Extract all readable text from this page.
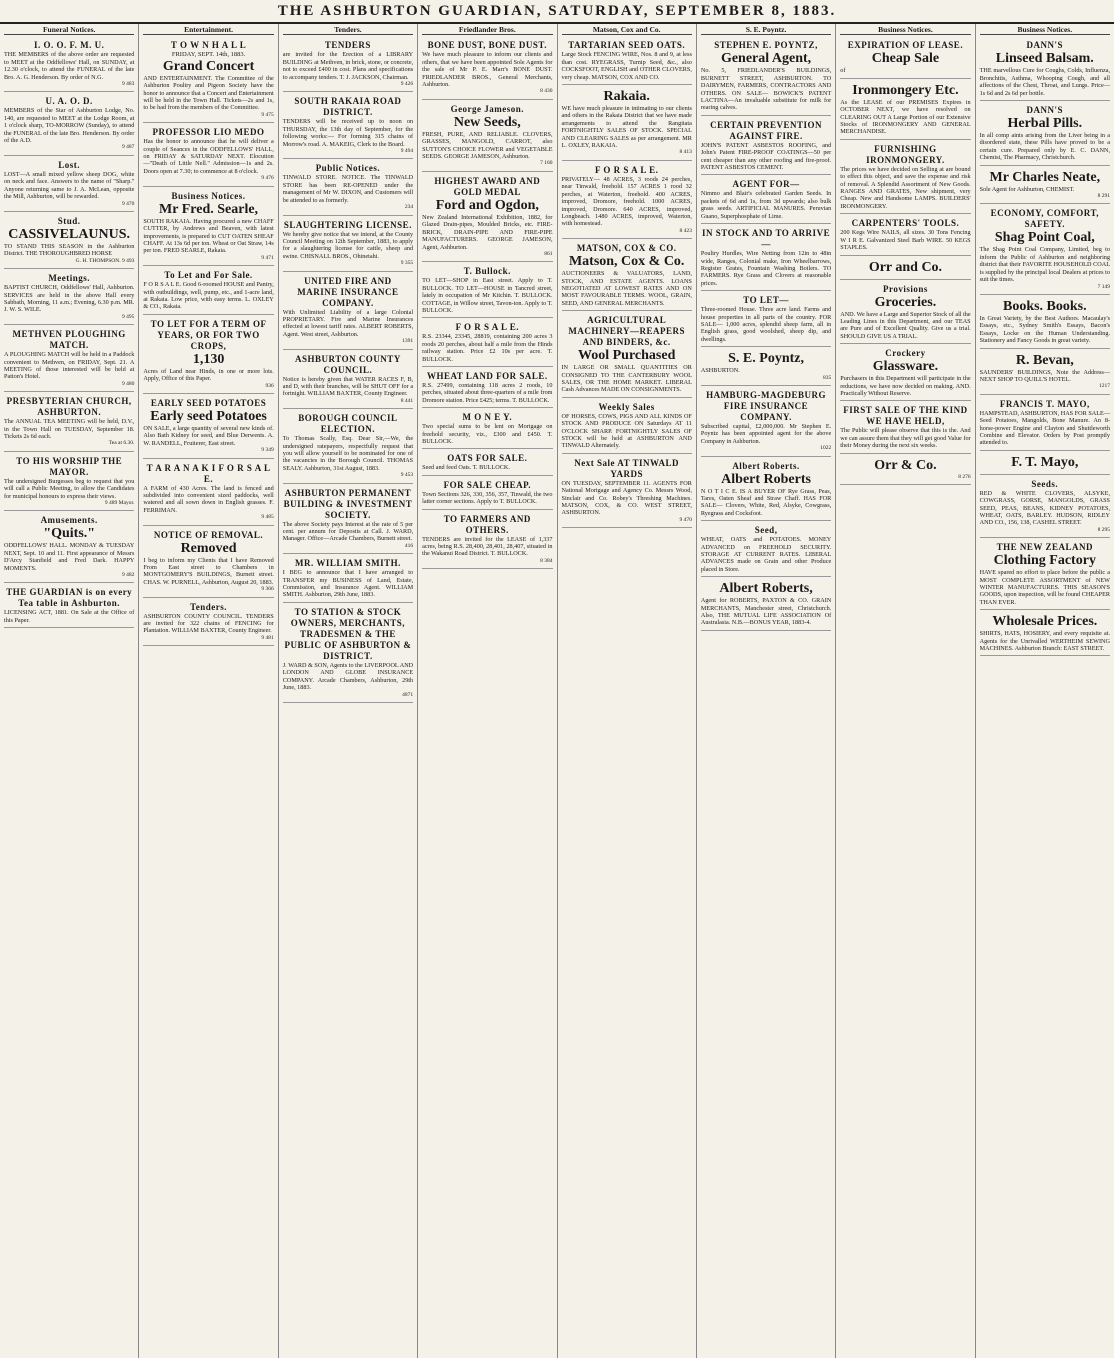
THE ASHBURTON GUARDIAN, SATURDAY, SEPTEMBER 8, 1883.
Funeral Notices.
I. O. O. F. M. U.
THE MEMBERS of the above order are requested to MEET at the Oddfellows' Hall, on SUNDAY, at 12.30 o'clock, to attend the FUNERAL of the late Bro. A. G. Henderson. By order of N.G.
9 483
U. A. O. D.
MEMBERS of the Star of Ashburton Lodge, No. 140, are requested to MEET at the Lodge Room, at 1 o'clock sharp, TO-MORROW (Sunday), to attend the FUNERAL of the late Bro. Henderson. By order of the A.D.
9 487
Lost.
LOST—A small mixed yellow sheep DOG, white on neck and face. Answers to the name of "Sharp." Anyone returning same to J. A. McLean, opposite the Mill, Ashburton, will be rewarded.
9 470
Stud.
CASSIVELAUNUS.
TO STAND THIS SEASON in the Ashburton District. THE THOROUGHBRED HORSE
G. H. THOMPSON. 9 493
Meetings.
BAPTIST CHURCH, Oddfellows' Hall, Ashburton. SERVICES are held in the above Hall every Sabbath, Morning, 11 a.m.; Evening, 6.30 p.m. MR. J. W. S. WILE.
9 495
METHVEN PLOUGHING MATCH.
A PLOUGHING MATCH will be held in a Paddock convenient to Methven, on FRIDAY, Sept. 21. A MEETING of those interested will be held at Patton's Hotel.
9 480
PRESBYTERIAN CHURCH, ASHBURTON.
The ANNUAL TEA MEETING will be held, D.V., in the Town Hall on TUESDAY, September 18. Tickets 2s 6d each.
Tea at 6.30.
TO HIS WORSHIP THE MAYOR.
The undersigned Burgesses beg to request that you will call a Public Meeting, to allow the Candidates for municipal honours to express their views.
9 489 Mayor.
Amusements.
"Quits."
ODDFELLOWS' HALL. MONDAY & TUESDAY NEXT, Sept. 10 and 11. First appearance of Messrs D'Arcy Stanfield and Fred Dark. HAPPY MOMENTS.
9 482
THE GUARDIAN is on every Tea table in Ashburton.
LICENSING ACT, 1881. On Sale at the Office of this Paper.
Entertainment.
T O W N H A L L
FRIDAY, SEPT. 14th, 1883.
Grand Concert
AND ENTERTAINMENT. The Committee of the Ashburton Poultry and Pigeon Society have the honor to announce that a Concert and Entertainment will be held in the Town Hall. Tickets—2s and 1s, to be had from the members of the Committee.
9 475
PROFESSOR LIO MEDO
Has the honor to announce that he will deliver a couple of Seances in the ODDFELLOWS' HALL, on FRIDAY & SATURDAY NEXT. Elocution—"Death of Little Nell." Admission—1s and 2s. Doors open at 7.30; to commence at 8 o'clock.
9 476
Business Notices.
Mr Fred. Searle,
SOUTH RAKAIA. Having procured a new CHAFF CUTTER, by Andrews and Beaven, with latest improvements, is prepared to CUT OATEN SHEAF CHAFF. At 13s 6d per ton. Wheat or Oat Straw, 14s per ton. FRED SEARLE, Rakaia.
9 471
To Let and For Sale.
F O R S A L E. Good 6-roomed HOUSE and Pantry, with outbuildings, well, pump, etc., and 1-acre land, at Rakaia. Low price, with easy terms. L. OXLEY & CO., Rakaia.
TO LET FOR A TERM OF YEARS, OR FOR TWO CROPS,
1,130
Acres of Land near Hinds, in one or more lots. Apply, Office of this Paper.
936
EARLY SEED POTATOES
Early seed Potatoes
ON SALE, a large quantity of several new kinds of. Also Bath Kidney for seed, and Blue Derwents. A. W. RANDELL, Fruiterer, East street.
9 349
T A R A N A K I F O R S A L E.
A FARM of 430 Acres. The land is fenced and subdivided into convenient sized paddocks, well watered and all sown down in English grasses. F. FERRIMAN.
9 485
NOTICE OF REMOVAL.
Removed
I beg to inform my Clients that I have Removed From East street to Chambers in MONTGOMERY'S BUILDINGS, Burnett street. CHAS. W. PURNELL, Ashburton, August 20, 1883.
9 366
Tenders.
ASHBURTON COUNTY COUNCIL. TENDERS are invited for 322 chains of FENCING for Plantation. WILLIAM BAXTER, County Engineer.
9 481
Tenders.
TENDERS
are invited for the Erection of a LIBRARY BUILDING at Methven, in brick, stone, or concrete, not to exceed £400 in cost. Plans and specifications to accompany tenders. T. J. JACKSON, Chairman.
9 426
SOUTH RAKAIA ROAD DISTRICT.
TENDERS will be received up to noon on THURSDAY, the 13th day of September, for the following works:— For forming 315 chains of Morrow's road. A. MAKEIG, Clerk to the Board.
9 494
Public Notices.
TINWALD STORE. NOTICE. The TINWALD STORE has been RE-OPENED under the management of Mr W. DIXON, and Customers will be attended to as formerly.
234
SLAUGHTERING LICENSE.
We hereby give notice that we intend, at the County Council Meeting on 12th September, 1883, to apply for a slaughtering license for cattle, sheep and swine. CHISNALL BROS., Ohinetahi.
9 355
UNITED FIRE AND MARINE INSURANCE COMPANY.
With Unlimited Liability of a large Colonial PROPRIETARY. Fire and Marine Insurances effected at lowest tariff rates. ALBERT ROBERTS, Agent. West street, Ashburton.
1391
ASHBURTON COUNTY COUNCIL.
Notice is hereby given that WATER RACES F, B, and D, with their branches, will be SHUT OFF for a fortnight. WILLIAM BAXTER, County Engineer.
8 441
BOROUGH COUNCIL ELECTION.
To Thomas Scally, Esq. Dear Sir,—We, the undersigned ratepayers, respectfully request that you will allow yourself to be nominated for one of the vacancies in the Borough Council. THOMAS SEALY. Ashburton, 31st August, 1883.
9 453
ASHBURTON PERMANENT BUILDING & INVESTMENT SOCIETY.
The above Society pays Interest at the rate of 5 per cent. per annum for Deposits at Call. J. WARD, Manager. Office—Arcade Chambers, Burnett street.
416
MR. WILLIAM SMITH.
I BEG to announce that I have arranged to TRANSFER my BUSINESS of Land, Estate, Commission, and Insurance Agent. WILLIAM SMITH. Ashburton, 29th June, 1883.
TO STATION & STOCK OWNERS, MERCHANTS, TRADESMEN & THE PUBLIC OF ASHBURTON & DISTRICT.
J. WARD & SON, Agents to the LIVERPOOL AND LONDON AND GLOBE INSURANCE COMPANY. Arcade Chambers, Ashburton, 29th June, 1883.
4871
Friedlander Bros.
BONE DUST, BONE DUST.
We have much pleasure to inform our clients and others, that we have been appointed Sole Agents for the sale of Mr P. E. Marr's BONE DUST. FRIEDLANDER BROS., General Merchants, Ashburton.
8 430
George Jameson.
New Seeds,
FRESH, PURE, AND RELIABLE. CLOVERS, GRASSES, MANGOLD, CARROT, also SUTTON'S CHOICE FLOWER and VEGETABLE SEEDS. GEORGE JAMESON, Ashburton.
7 160
HIGHEST AWARD AND GOLD MEDAL
Ford and Ogdon,
New Zealand International Exhibition, 1882, for Glazed Drain-pipes, Moulded Bricks, etc. FIRE-BRICK, DRAIN-PIPE AND FIRE-PIPE MANUFACTURERS. GEORGE JAMESON, Agent, Ashburton.
861
T. Bullock.
TO LET—SHOP in East street. Apply to T. BULLOCK. TO LET—HOUSE in Tancred street, lately in occupation of Mr Kitchin. T. BULLOCK. COTTAGE, in Willow street, Tavon-ton. Apply to T. BULLOCK.
F O R S A L E.
R.S. 23344, 23345, 28819, containing 200 acres 3 roods 20 perches, about half a mile from the Hinds railway station. Price £2 10s per acre. T. BULLOCK.
WHEAT LAND FOR SALE.
R.S. 27499, containing 118 acres 2 roods, 10 perches, situated about three-quarters of a mile from Dromore station. Price £425; terms. T. BULLOCK.
M O N E Y.
Two special sums to be lent on Mortgage on freehold security, viz., £300 and £450. T. BULLOCK.
OATS FOR SALE.
Seed and feed Oats. T. BULLOCK.
FOR SALE CHEAP.
Town Sections 326, 330, 356, 357, Tinwald, the two latter corner sections. Apply to T. BULLOCK.
TO FARMERS AND OTHERS.
TENDERS are invited for the LEASE of 1,337 acres, being R.S. 28,400, 28,401, 28,407, situated in the Wakanui Road District. T. BULLOCK.
8 384
Matson, Cox and Co.
TARTARIAN SEED OATS.
Large Stock FENCING WIRE, Nos. 8 and 9, at less than cost. RYEGRASS, Turnip Seed, &c., also COCKSFOOT, ENGLISH and OTHER CLOVERS, very cheap. MATSON, COX AND CO.
Rakaia.
WE have much pleasure in intimating to our clients and others in the Rakaia District that we have made arrangements to attend the Rangitata FORTNIGHTLY SALES OF STOCK. SPECIAL AND CLEARING SALES as per arrangement. MR L. OXLEY, RAKAIA.
8 413
F O R S A L E.
PRIVATELY— 48 ACRES, 3 roods 24 perches, near Tinwald, freehold. 157 ACRES 1 rood 32 perches, at Waterton, freehold. 400 ACRES, improved, Dromore, freehold. 1000 ACRES, improved, Dromore. 640 ACRES, improved, Longbeach. 1480 ACRES, improved, Waterton, with homestead.
8 423
MATSON, COX & CO.
Matson, Cox & Co.
AUCTIONEERS & VALUATORS, LAND, STOCK, AND ESTATE AGENTS. LOANS NEGOTIATED AT LOWEST RATES AND ON MOST FAVOURABLE TERMS. WOOL, GRAIN, SEED, AND GENERAL MERCHANTS.
AGRICULTURAL MACHINERY—REAPERS AND BINDERS, &c.
Wool Purchased
IN LARGE OR SMALL QUANTITIES OR CONSIGNED TO THE CANTERBURY WOOL SALES, OR THE HOME MARKET. LIBERAL Cash Advances MADE ON CONSIGNMENTS.
Weekly Sales
OF HORSES, COWS, PIGS AND ALL KINDS OF STOCK AND PRODUCE ON Saturdays AT 11 O'CLOCK SHARP. FORTNIGHTLY SALES OF STOCK will be held at ASHBURTON AND TINWALD Alternately.
Next Sale AT TINWALD YARDS
ON TUESDAY, SEPTEMBER 11. AGENTS FOR National Mortgage and Agency Co. Messrs Wood, Sinclair and Co. Robey's Threshing Machines. MATSON, COX, & CO. WEST STREET, ASHBURTON.
9 470
S. E. Poyntz.
STEPHEN E. POYNTZ,
General Agent,
No. 5, FRIEDLANDER'S BUILDINGS, BURNETT STREET, ASHBURTON. TO DAIRYMEN, FARMERS, CONTRACTORS AND OTHERS. ON SALE— BOWICK'S PATENT LACTINA—An invaluable substitute for milk for rearing calves.
CERTAIN PREVENTION AGAINST FIRE.
JOHN'S PATENT ASBESTOS ROOFING, and John's Patent FIRE-PROOF COATINGS—50 per cent cheaper than any other roofing and fire-proof. PATENT ASBESTOS CEMENT.
AGENT FOR—
Nimmo and Blair's celebrated Garden Seeds. In packets of 6d and 1s, from 3d upwards; also bulk grass seeds. ARTIFICIAL MANURES. Peruvian Guano, Superphosphate of Lime.
IN STOCK AND TO ARRIVE—
Poultry Hurdles, Wire Netting from 12in to 48in wide, Ranges, Colonial make, Iron Wheelbarrows, Register Grates, Fountain Washing Boilers. TO FARMERS. Rye Grass and Clovers at reasonable prices.
TO LET—
Three-roomed House. Three acre land. Farms and house properties in all parts of the country. FOR SALE— 1,000 acres, splendid sheep farm, all in English grass, good woolshed, sheep dip, and dwellings.
S. E. Poyntz,
ASHBURTON.
835
HAMBURG-MAGDEBURG FIRE INSURANCE COMPANY.
Subscribed capital, £2,000,000. Mr Stephen E. Poyntz has been appointed agent for the above Company in Ashburton.
1022
Albert Roberts.
Albert Roberts
N O T I C E. IS A BUYER OF Rye Grass, Peas, Tares, Oaten Sheaf and Straw Chaff. HAS FOR SALE— Clovers, White, Red, Alsyke, Cowgrass, Ryegrass and Cocksfoot.
Seed,
WHEAT, OATS and POTATOES. MONEY ADVANCED on FREEHOLD SECURITY. STORAGE AT CURRENT RATES. LIBERAL ADVANCES made on Grain and other Produce placed in Store.
Albert Roberts,
Agent for ROBERTS, PAXTON & CO. GRAIN MERCHANTS, Manchester street, Christchurch. Also, THE MUTUAL LIFE ASSOCIATION Of Australasia. N.B.—BONUS YEAR, 1883-4.
Business Notices.
EXPIRATION OF LEASE.
Cheap Sale
of
Ironmongery Etc.
As the LEASE of our PREMISES Expires in OCTOBER NEXT, we have resolved on CLEARING OUT A Large Portion of our Extensive Stocks of IRONMONGERY AND GENERAL MERCHANDISE.
FURNISHING IRONMONGERY.
The prices we have decided on Selling at are bound to effect this object, and save the expense and risk of removal. A Splendid Assortment of New Goods. RANGES AND GRATES, New shipment, very Cheap. New and Handsome LAMPS. BUILDERS' IRONMONGERY.
CARPENTERS' TOOLS.
200 Kegs Wire NAILS, all sizes. 30 Tons Fencing W I R E. Galvanized Steel Barb WIRE. 50 KEGS STAPLES.
Orr and Co.
Provisions
Groceries.
AND. We have a Large and Superior Stock of all the Leading Lines in this Department, and our TEAS are Pure and of Excellent Quality. Give us a trial. SHOULD GIVE US A TRIAL.
Crockery
Glassware.
Purchasers in this Department will participate in the reductions, we have now decided on making. AND. Practically Without Reserve.
FIRST SALE OF THE KIND WE HAVE HELD,
The Public will please observe that this is the. And we can assure them that they will get good Value for their Money during the next six weeks.
Orr & Co.
8 276
Business Notices.
DANN'S
Linseed Balsam.
THE marvellous Cure for Coughs, Colds, Influenza, Bronchitis, Asthma, Whooping Cough, and all affections of the Chest, Throat, and Lungs. Price—1s 6d and 2s 6d per bottle.
DANN'S
Herbal Pills.
In all comp aints arising from the Liver being in a disordered state, these Pills have proved to be a certain cure. Prepared only by E. C. DANN, Chemist, The Pharmacy, Christchurch.
Mr Charles Neate,
Sole Agent for Ashburton, CHEMIST.
8 291
ECONOMY, COMFORT, SAFETY.
Shag Point Coal,
The Shag Point Coal Company, Limited, beg to inform the Public of Ashburton and neighboring district that their FAVORITE HOUSEHOLD COAL is supplied by the principal local Dealers at prices to suit the times.
7 149
Books. Books.
In Great Variety, by the Best Authors. Macaulay's Essays, etc., Sydney Smith's Essays, Bacon's Essays, Locke on the Human Understanding. Stationery and Fancy Goods in great variety.
R. Bevan,
SAUNDERS' BUILDINGS, Note the Address— NEXT SHOP TO QUILL'S HOTEL.
1217
FRANCIS T. MAYO,
HAMPSTEAD, ASHBURTON, HAS FOR SALE— Seed Potatoes, Mangolds, Bone Manure. An 8-horse-power Engine and Clayton and Shuttleworth Combine and Elevator. Orders by Post promptly attended to.
F. T. Mayo,
Seeds.
RED & WHITE CLOVERS, ALSYKE, COWGRASS, GORSE, MANGOLDS, GRASS SEED, PEAS, BEANS, KIDNEY POTATOES, WHEAT, OATS, BARLEY. HUDSON, RIDLEY AND CO., 156, 138, CASHEL STREET.
8 295
THE NEW ZEALAND
Clothing Factory
HAVE spared no effort to place before the public a MOST COMPLETE ASSORTMENT of NEW WINTER MANUFACTURES. THIS SEASON'S GOODS, upon inspection, will be found CHEAPER THAN EVER.
Wholesale Prices.
SHIRTS, HATS, HOSIERY, and every requisite at. Agents for the Unrivalled WERTHEIM SEWING MACHINES. Ashburton Branch: EAST STREET.
